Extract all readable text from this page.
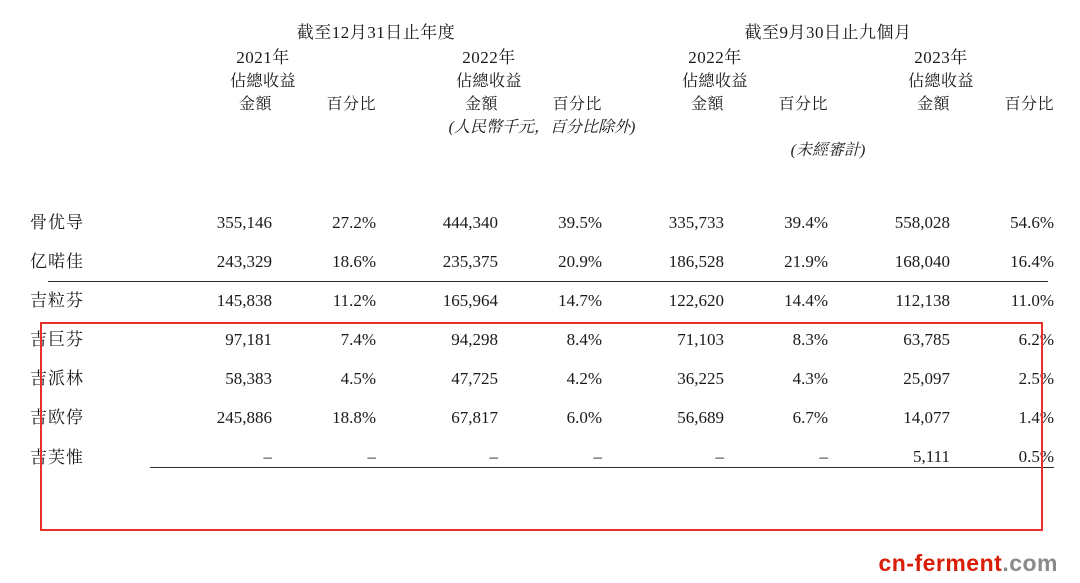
	截至12月31日止年度				截至9月30日止九個月			
	2021年		2022年		2022年		2023年	
	佔總收益		佔總收益		佔總收益		佔總收益	
	金額	百分比	金額	百分比	金額	百分比	金額	百分比
(人民幣千元，百分比除外)								
					(未經審計)			

骨优导	355,146	27.2%	444,340	39.5%	335,733	39.4%	558,028	54.6%
亿喏佳	243,329	18.6%	235,375	20.9%	186,528	21.9%	168,040	16.4%
吉粒芬	145,838	11.2%	165,964	14.7%	122,620	14.4%	112,138	11.0%
吉巨芬	97,181	7.4%	94,298	8.4%	71,103	8.3%	63,785	6.2%
吉派林	58,383	4.5%	47,725	4.2%	36,225	4.3%	25,097	2.5%
吉欧停	245,886	18.8%	67,817	6.0%	56,689	6.7%	14,077	1.4%
吉芙惟	–	–	–	–	–	–	5,111	0.5%
cn-ferment.com
